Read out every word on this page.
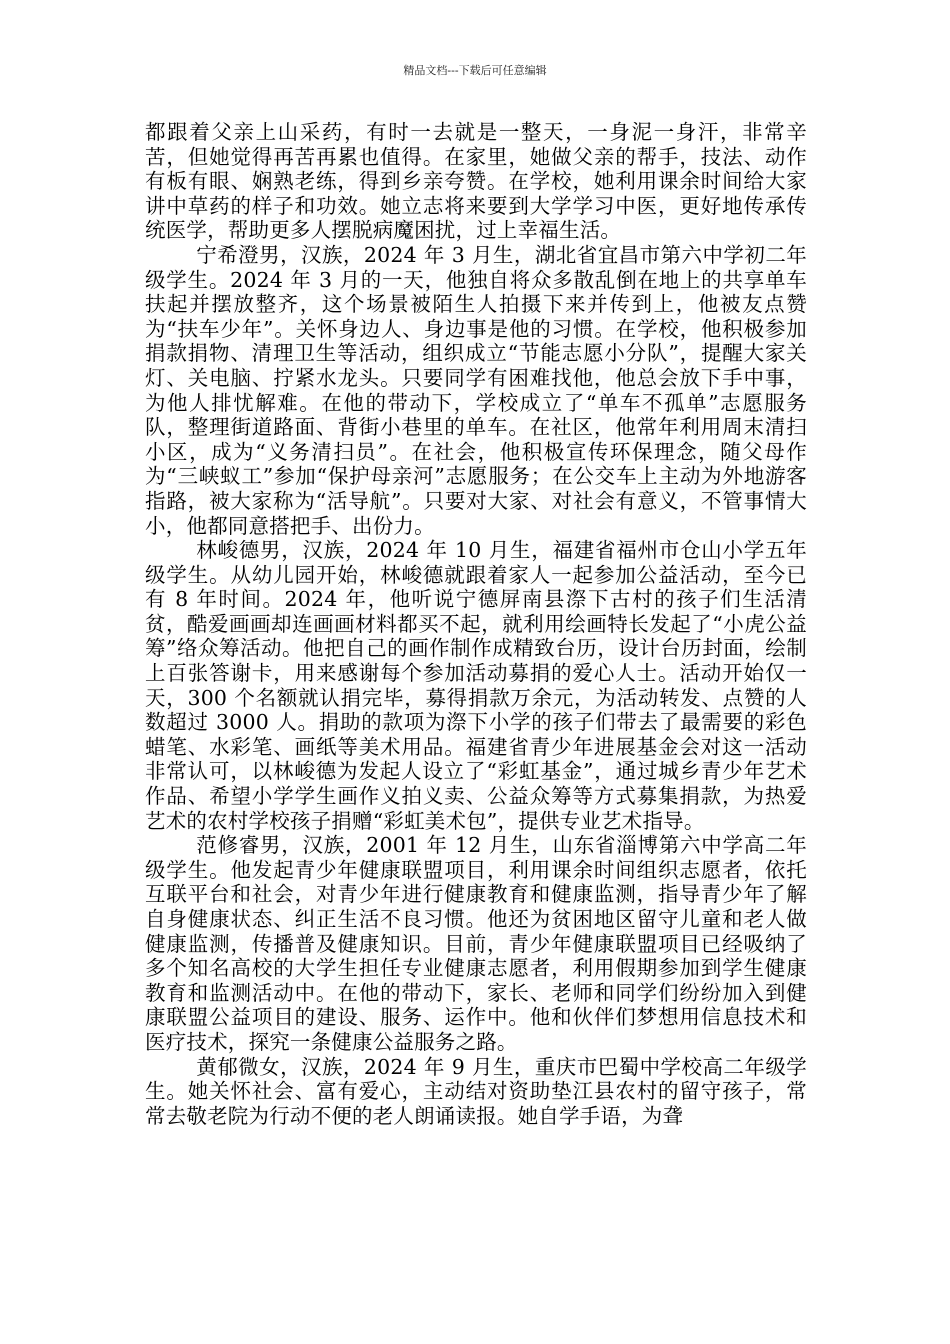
精品文档---下载后可任意编辑

都跟着父亲上山采药，有时一去就是一整天，一身泥一身汗，非常辛苦，但她觉得再苦再累也值得。在家里，她做父亲的帮手，技法、动作有板有眼、娴熟老练，得到乡亲夸赞。在学校，她利用课余时间给大家讲中草药的样子和功效。她立志将来要到大学学习中医，更好地传承传统医学，帮助更多人摆脱病魔困扰，过上幸福生活。

宁希澄男，汉族，2024 年 3 月生，湖北省宜昌市第六中学初二年级学生。2024 年 3 月的一天，他独自将众多散乱倒在地上的共享单车扶起并摆放整齐，这个场景被陌生人拍摄下来并传到上，他被友点赞为“扶车少年”。关怀身边人、身边事是他的习惯。在学校，他积极参加捐款捐物、清理卫生等活动，组织成立“节能志愿小分队”，提醒大家关灯、关电脑、拧紧水龙头。只要同学有困难找他，他总会放下手中事，为他人排忧解难。在他的带动下，学校成立了“单车不孤单”志愿服务队，整理街道路面、背街小巷里的单车。在社区，他常年利用周末清扫小区，成为“义务清扫员”。在社会，他积极宣传环保理念，随父母作为“三峡蚁工”参加“保护母亲河”志愿服务；在公交车上主动为外地游客指路，被大家称为“活导航”。只要对大家、对社会有意义，不管事情大小，他都同意搭把手、出份力。

林峻德男，汉族，2024 年 10 月生，福建省福州市仓山小学五年级学生。从幼儿园开始，林峻德就跟着家人一起参加公益活动，至今已有 8 年时间。2024 年，他听说宁德屏南县漈下古村的孩子们生活清贫，酷爱画画却连画画材料都买不起，就利用绘画特长发起了“小虎公益筹”络众筹活动。他把自己的画作制作成精致台历，设计台历封面，绘制上百张答谢卡，用来感谢每个参加活动募捐的爱心人士。活动开始仅一天，300 个名额就认捐完毕，募得捐款万余元，为活动转发、点赞的人数超过 3000 人。捐助的款项为漈下小学的孩子们带去了最需要的彩色蜡笔、水彩笔、画纸等美术用品。福建省青少年进展基金会对这一活动非常认可，以林峻德为发起人设立了“彩虹基金”，通过城乡青少年艺术作品、希望小学学生画作义拍义卖、公益众筹等方式募集捐款，为热爱艺术的农村学校孩子捐赠“彩虹美术包”，提供专业艺术指导。

范修睿男，汉族，2001 年 12 月生，山东省淄博第六中学高二年级学生。他发起青少年健康联盟项目，利用课余时间组织志愿者，依托互联平台和社会，对青少年进行健康教育和健康监测，指导青少年了解自身健康状态、纠正生活不良习惯。他还为贫困地区留守儿童和老人做健康监测，传播普及健康知识。目前，青少年健康联盟项目已经吸纳了多个知名高校的大学生担任专业健康志愿者，利用假期参加到学生健康教育和监测活动中。在他的带动下，家长、老师和同学们纷纷加入到健康联盟公益项目的建设、服务、运作中。他和伙伴们梦想用信息技术和医疗技术，探究一条健康公益服务之路。

黄郁微女，汉族，2024 年 9 月生，重庆市巴蜀中学校高二年级学生。她关怀社会、富有爱心，主动结对资助垫江县农村的留守孩子，常常去敬老院为行动不便的老人朗诵读报。她自学手语，为聋
